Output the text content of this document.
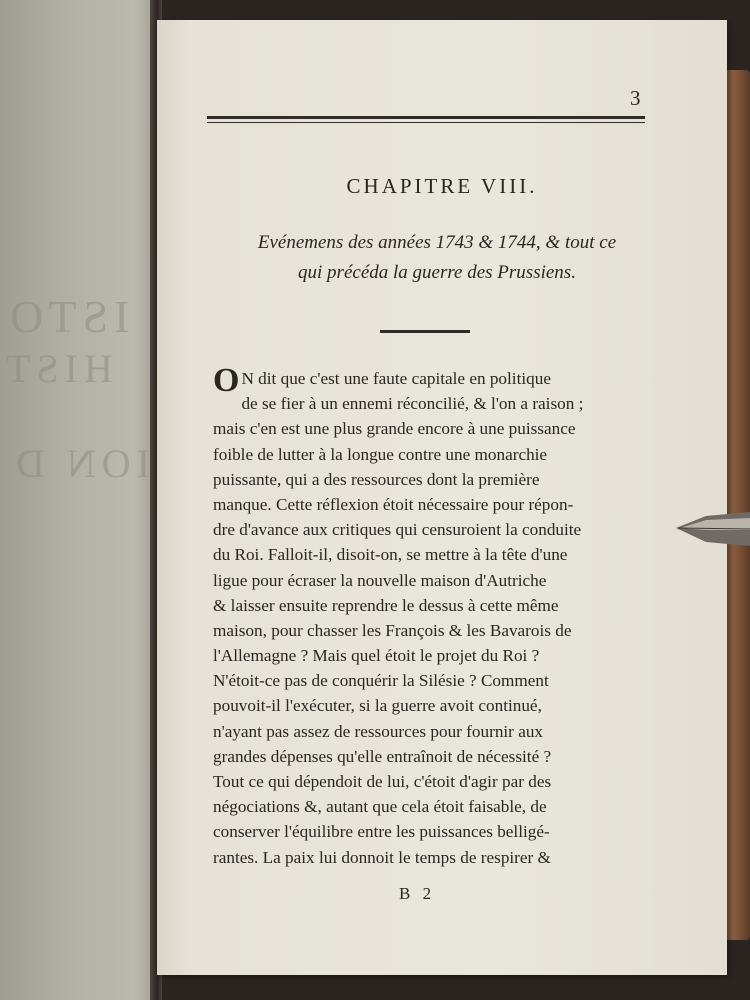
ISTO
HIST
ION D
3
CHAPITRE VIII.
Evénemens des années 1743 & 1744, & tout ce
qui précéda la guerre des Prussiens.
O N dit que c'est une faute capitale en politique
de se fier à un ennemi réconcilié, & l'on a raison ;
mais c'en est une plus grande encore à une puissance
foible de lutter à la longue contre une monarchie
puissante, qui a des ressources dont la première
manque. Cette réflexion étoit nécessaire pour répon-
dre d'avance aux critiques qui censuroient la conduite
du Roi. Falloit-il, disoit-on, se mettre à la tête d'une
ligue pour écraser la nouvelle maison d'Autriche
& laisser ensuite reprendre le dessus à cette même
maison, pour chasser les François & les Bavarois de
l'Allemagne ? Mais quel étoit le projet du Roi ?
N'étoit-ce pas de conquérir la Silésie ? Comment
pouvoit-il l'exécuter, si la guerre avoit continué,
n'ayant pas assez de ressources pour fournir aux
grandes dépenses qu'elle entraînoit de nécessité ?
Tout ce qui dépendoit de lui, c'étoit d'agir par des
négociations &, autant que cela étoit faisable, de
conserver l'équilibre entre les puissances belligé-
rantes. La paix lui donnoit le temps de respirer &
B 2
